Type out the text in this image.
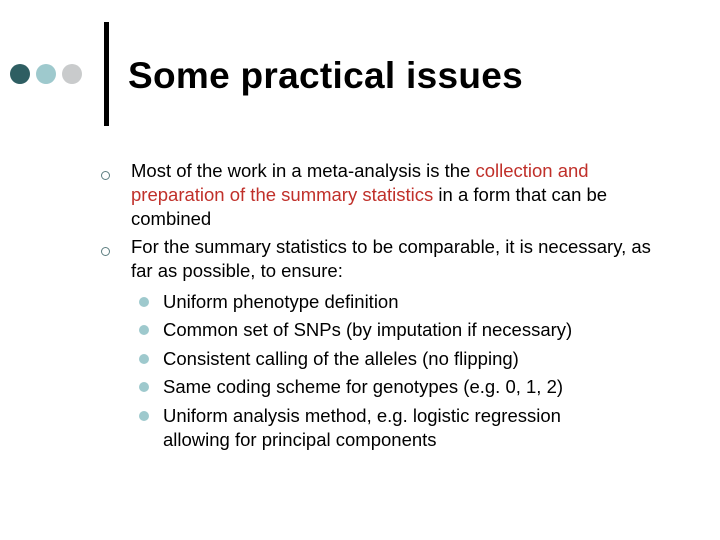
Some practical issues

Most of the work in a meta-analysis is the collection and preparation of the summary statistics in a form that can be combined

For the summary statistics to be comparable, it is necessary, as far as possible, to ensure:

Uniform phenotype definition

Common set of SNPs (by imputation if necessary)

Consistent calling of the alleles (no flipping)

Same coding scheme for genotypes (e.g. 0, 1, 2)

Uniform analysis method, e.g. logistic regression allowing for principal components
